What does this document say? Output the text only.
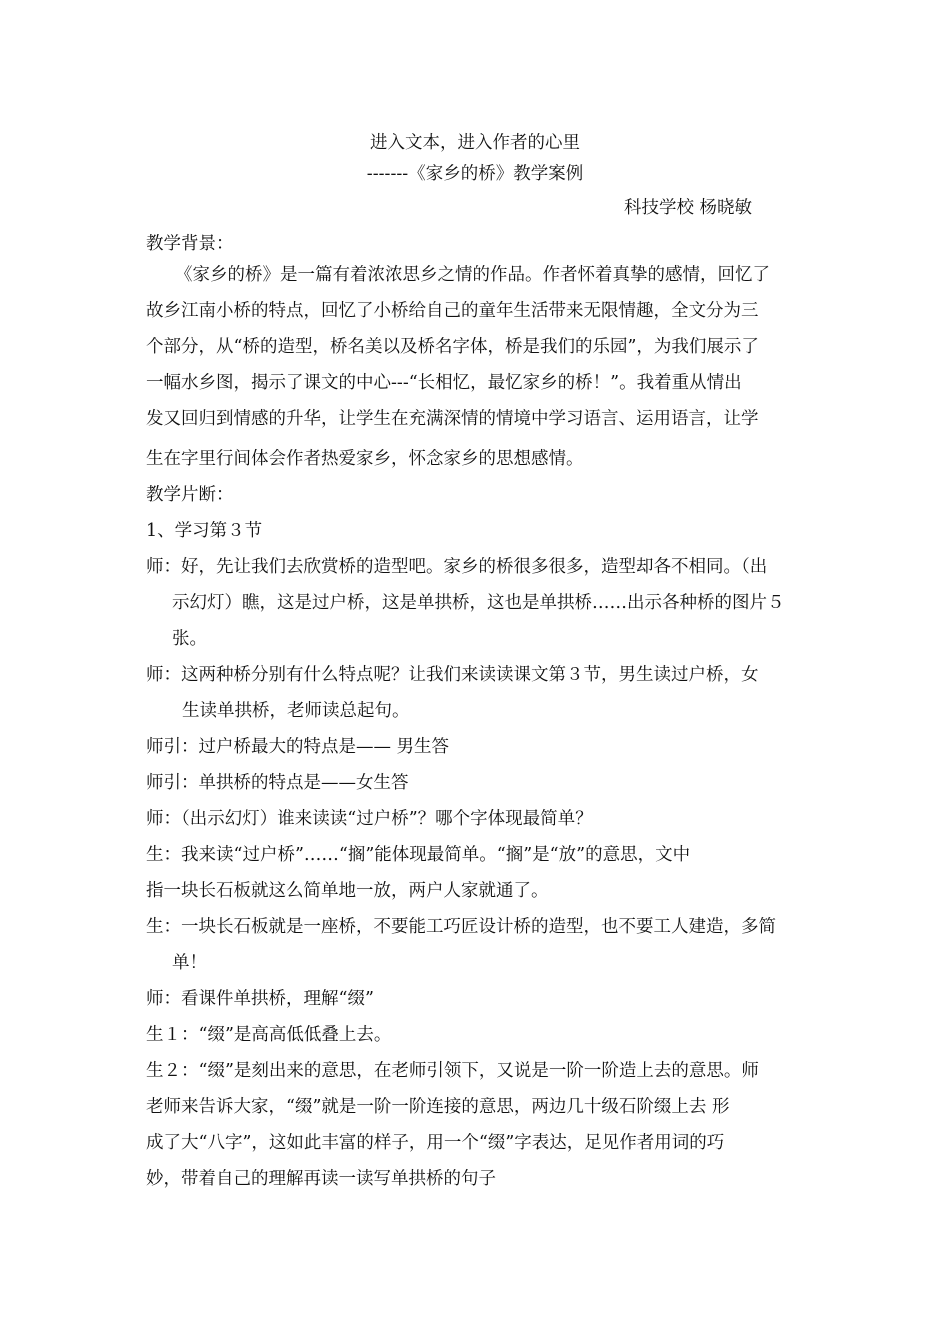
进入文本，进入作者的心里
-------《家乡的桥》教学案例
科技学校 杨晓敏
教学背景：
《家乡的桥》是一篇有着浓浓思乡之情的作品。作者怀着真挚的感情，回忆了
故乡江南小桥的特点，回忆了小桥给自己的童年生活带来无限情趣，全文分为三
个部分，从“桥的造型，桥名美以及桥名字体，桥是我们的乐园”，为我们展示了
一幅水乡图，揭示了课文的中心---“长相忆，最忆家乡的桥！”。我着重从情出
发又回归到情感的升华，让学生在充满深情的情境中学习语言、运用语言，让学
生在字里行间体会作者热爱家乡，怀念家乡的思想感情。
教学片断：
1、学习第３节
师：好，先让我们去欣赏桥的造型吧。家乡的桥很多很多，造型却各不相同。（出
示幻灯）瞧，这是过户桥，这是单拱桥，这也是单拱桥……出示各种桥的图片５
张。
师：这两种桥分别有什么特点呢？让我们来读读课文第３节，男生读过户桥，女
生读单拱桥，老师读总起句。
师引：过户桥最大的特点是—— 男生答
师引：单拱桥的特点是——女生答
师：（出示幻灯）谁来读读“过户桥”？哪个字体现最简单？
生：我来读“过户桥”……“搁”能体现最简单。“搁”是“放”的意思，文中
指一块长石板就这么简单地一放，两户人家就通了。
生：一块长石板就是一座桥，不要能工巧匠设计桥的造型，也不要工人建造，多简
单！
师：看课件单拱桥，理解“缀”
生１：“缀”是高高低低叠上去。
生２：“缀”是刻出来的意思，在老师引领下，又说是一阶一阶造上去的意思。师
老师来告诉大家，“缀”就是一阶一阶连接的意思，两边几十级石阶缀上去 形
成了大“八字”，这如此丰富的样子，用一个“缀”字表达，足见作者用词的巧
妙，带着自己的理解再读一读写单拱桥的句子
